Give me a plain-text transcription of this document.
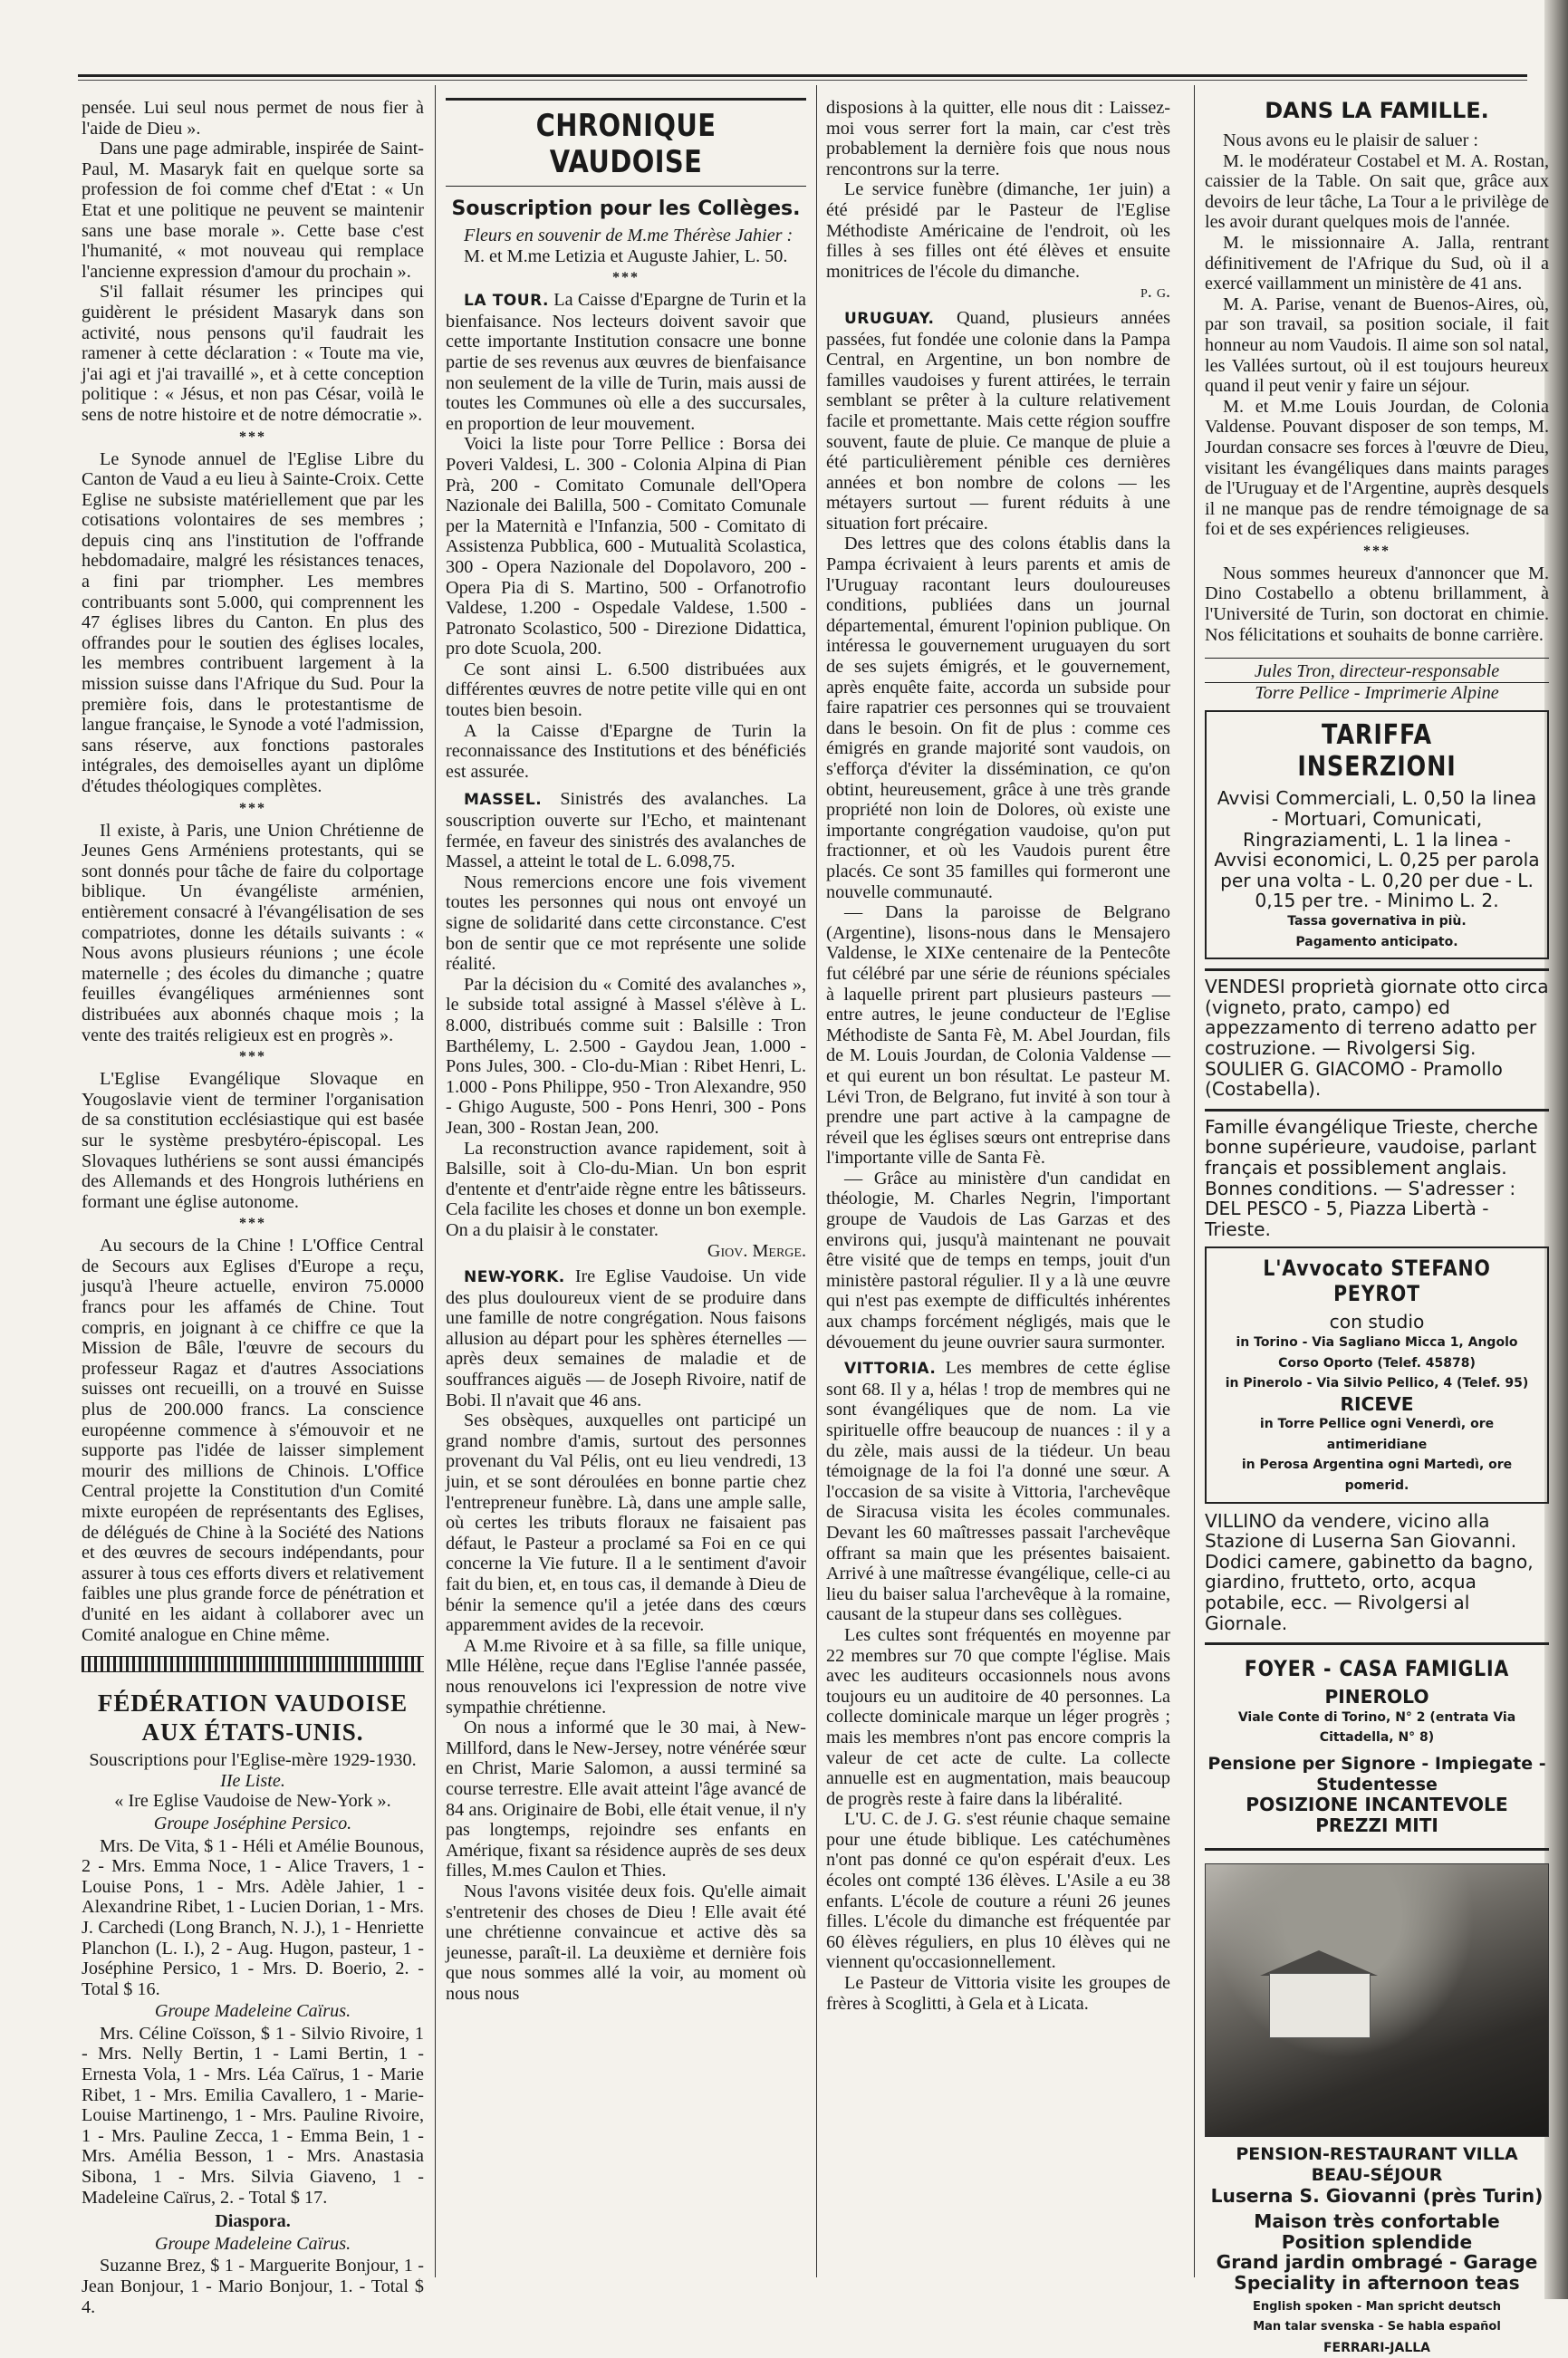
pensée. Lui seul nous permet de nous fier à l'aide de Dieu ».

Dans une page admirable, inspirée de Saint-Paul, M. Masaryk fait en quelque sorte sa profession de foi comme chef d'Etat : « Un Etat et une politique ne peuvent se maintenir sans une base morale ». Cette base c'est l'humanité, « mot nouveau qui remplace l'ancienne expression d'amour du prochain ».

S'il fallait résumer les principes qui guidèrent le président Masaryk dans son activité, nous pensons qu'il faudrait les ramener à cette déclaration : « Toute ma vie, j'ai agi et j'ai travaillé », et à cette conception politique : « Jésus, et non pas César, voilà le sens de notre histoire et de notre démocratie ».

***

Le Synode annuel de l'Eglise Libre du Canton de Vaud a eu lieu à Sainte-Croix. Cette Eglise ne subsiste matériellement que par les cotisations volontaires de ses membres ; depuis cinq ans l'institution de l'offrande hebdomadaire, malgré les résistances tenaces, a fini par triompher. Les membres contribuants sont 5.000, qui comprennent les 47 églises libres du Canton. En plus des offrandes pour le soutien des églises locales, les membres contribuent largement à la mission suisse dans l'Afrique du Sud. Pour la première fois, dans le protestantisme de langue française, le Synode a voté l'admission, sans réserve, aux fonctions pastorales intégrales, des demoiselles ayant un diplôme d'études théologiques complètes.

***

Il existe, à Paris, une Union Chrétienne de Jeunes Gens Arméniens protestants, qui se sont donnés pour tâche de faire du colportage biblique. Un évangéliste arménien, entièrement consacré à l'évangélisation de ses compatriotes, donne les détails suivants : « Nous avons plusieurs réunions ; une école maternelle ; des écoles du dimanche ; quatre feuilles évangéliques arméniennes sont distribuées aux abonnés chaque mois ; la vente des traités religieux est en progrès ».

***

L'Eglise Evangélique Slovaque en Yougoslavie vient de terminer l'organisation de sa constitution ecclésiastique qui est basée sur le système presbytéro-épiscopal. Les Slovaques luthériens se sont aussi émancipés des Allemands et des Hongrois luthériens en formant une église autonome.

***

Au secours de la Chine ! L'Office Central de Secours aux Eglises d'Europe a reçu, jusqu'à l'heure actuelle, environ 75.0000 francs pour les affamés de Chine. Tout compris, en joignant à ce chiffre ce que la Mission de Bâle, l'œuvre de secours du professeur Ragaz et d'autres Associations suisses ont recueilli, on a trouvé en Suisse plus de 200.000 francs. La conscience européenne commence à s'émouvoir et ne supporte pas l'idée de laisser simplement mourir des millions de Chinois. L'Office Central projette la Constitution d'un Comité mixte européen de représentants des Eglises, de délégués de Chine à la Société des Nations et des œuvres de secours indépendants, pour assurer à tous ces efforts divers et relativement faibles une plus grande force de pénétration et d'unité en les aidant à collaborer avec un Comité analogue en Chine même.

FÉDÉRATION VAUDOISE
AUX ÉTATS-UNIS.

Souscriptions pour l'Eglise-mère 1929-1930.

IIe Liste.

« Ire Eglise Vaudoise de New-York ».

Groupe Joséphine Persico.

Mrs. De Vita, $ 1 - Héli et Amélie Bounous, 2 - Mrs. Emma Noce, 1 - Alice Travers, 1 - Louise Pons, 1 - Mrs. Adèle Jahier, 1 - Alexandrine Ribet, 1 - Lucien Dorian, 1 - Mrs. J. Carchedi (Long Branch, N. J.), 1 - Henriette Planchon (L. I.), 2 - Aug. Hugon, pasteur, 1 - Joséphine Persico, 1 - Mrs. D. Boerio, 2. - Total $ 16.

Groupe Madeleine Caïrus.

Mrs. Céline Coïsson, $ 1 - Silvio Rivoire, 1 - Mrs. Nelly Bertin, 1 - Lami Bertin, 1 - Ernesta Vola, 1 - Mrs. Léa Caïrus, 1 - Marie Ribet, 1 - Mrs. Emilia Cavallero, 1 - Marie-Louise Martinengo, 1 - Mrs. Pauline Rivoire, 1 - Mrs. Pauline Zecca, 1 - Emma Bein, 1 - Mrs. Amélia Besson, 1 - Mrs. Anastasia Sibona, 1 - Mrs. Silvia Giaveno, 1 - Madeleine Caïrus, 2. - Total $ 17.

Diaspora.

Groupe Madeleine Caïrus.

Suzanne Brez, $ 1 - Marguerite Bonjour, 1 - Jean Bonjour, 1 - Mario Bonjour, 1. - Total $ 4.

CHRONIQUE VAUDOISE
Souscription pour les Collèges.

Fleurs en souvenir de M.me Thérèse Jahier :

M. et M.me Letizia et Auguste Jahier, L. 50.

***

LA TOUR. La Caisse d'Epargne de Turin et la bienfaisance. Nos lecteurs doivent savoir que cette importante Institution consacre une bonne partie de ses revenus aux œuvres de bienfaisance non seulement de la ville de Turin, mais aussi de toutes les Communes où elle a des succursales, en proportion de leur mouvement.

Voici la liste pour Torre Pellice : Borsa dei Poveri Valdesi, L. 300 - Colonia Alpina di Pian Prà, 200 - Comitato Comunale dell'Opera Nazionale dei Balilla, 500 - Comitato Comunale per la Maternità e l'Infanzia, 500 - Comitato di Assistenza Pubblica, 600 - Mutualità Scolastica, 300 - Opera Nazionale del Dopolavoro, 200 - Opera Pia di S. Martino, 500 - Orfanotrofio Valdese, 1.200 - Ospedale Valdese, 1.500 - Patronato Scolastico, 500 - Direzione Didattica, pro dote Scuola, 200.

Ce sont ainsi L. 6.500 distribuées aux différentes œuvres de notre petite ville qui en ont toutes bien besoin.

A la Caisse d'Epargne de Turin la reconnaissance des Institutions et des bénéficiés est assurée.

MASSEL. Sinistrés des avalanches. La souscription ouverte sur l'Echo, et maintenant fermée, en faveur des sinistrés des avalanches de Massel, a atteint le total de L. 6.098,75.

Nous remercions encore une fois vivement toutes les personnes qui nous ont envoyé un signe de solidarité dans cette circonstance. C'est bon de sentir que ce mot représente une solide réalité.

Par la décision du « Comité des avalanches », le subside total assigné à Massel s'élève à L. 8.000, distribués comme suit : Balsille : Tron Barthélemy, L. 2.500 - Gaydou Jean, 1.000 - Pons Jules, 300. - Clo-du-Mian : Ribet Henri, L. 1.000 - Pons Philippe, 950 - Tron Alexandre, 950 - Ghigo Auguste, 500 - Pons Henri, 300 - Pons Jean, 300 - Rostan Jean, 200.

La reconstruction avance rapidement, soit à Balsille, soit à Clo-du-Mian. Un bon esprit d'entente et d'entr'aide règne entre les bâtisseurs. Cela facilite les choses et donne un bon exemple. On a du plaisir à le constater.

Giov. Merge.

NEW-YORK. Ire Eglise Vaudoise. Un vide des plus douloureux vient de se produire dans une famille de notre congrégation. Nous faisons allusion au départ pour les sphères éternelles — après deux semaines de maladie et de souffrances aiguës — de Joseph Rivoire, natif de Bobi. Il n'avait que 46 ans.

Ses obsèques, auxquelles ont participé un grand nombre d'amis, surtout des personnes provenant du Val Pélis, ont eu lieu vendredi, 13 juin, et se sont déroulées en bonne partie chez l'entrepreneur funèbre. Là, dans une ample salle, où certes les tributs floraux ne faisaient pas défaut, le Pasteur a proclamé sa Foi en ce qui concerne la Vie future. Il a le sentiment d'avoir fait du bien, et, en tous cas, il demande à Dieu de bénir la semence qu'il a jetée dans des cœurs apparemment avides de la recevoir.

A M.me Rivoire et à sa fille, sa fille unique, Mlle Hélène, reçue dans l'Eglise l'année passée, nous renouvelons ici l'expression de notre vive sympathie chrétienne.

On nous a informé que le 30 mai, à New-Millford, dans le New-Jersey, notre vénérée sœur en Christ, Marie Salomon, a aussi terminé sa course terrestre. Elle avait atteint l'âge avancé de 84 ans. Originaire de Bobi, elle était venue, il n'y pas longtemps, rejoindre ses enfants en Amérique, fixant sa résidence auprès de ses deux filles, M.mes Caulon et Thies.

Nous l'avons visitée deux fois. Qu'elle aimait s'entretenir des choses de Dieu ! Elle avait été une chrétienne convaincue et active dès sa jeunesse, paraît-il. La deuxième et dernière fois que nous sommes allé la voir, au moment où nous nous

disposions à la quitter, elle nous dit : Laissez-moi vous serrer fort la main, car c'est très probablement la dernière fois que nous nous rencontrons sur la terre.

Le service funèbre (dimanche, 1er juin) a été présidé par le Pasteur de l'Eglise Méthodiste Américaine de l'endroit, où les filles à ses filles ont été élèves et ensuite monitrices de l'école du dimanche.

p. g.

URUGUAY. Quand, plusieurs années passées, fut fondée une colonie dans la Pampa Central, en Argentine, un bon nombre de familles vaudoises y furent attirées, le terrain semblant se prêter à la culture relativement facile et promettante. Mais cette région souffre souvent, faute de pluie. Ce manque de pluie a été particulièrement pénible ces dernières années et bon nombre de colons — les métayers surtout — furent réduits à une situation fort précaire.

Des lettres que des colons établis dans la Pampa écrivaient à leurs parents et amis de l'Uruguay racontant leurs douloureuses conditions, publiées dans un journal départemental, émurent l'opinion publique. On intéressa le gouvernement uruguayen du sort de ses sujets émigrés, et le gouvernement, après enquête faite, accorda un subside pour faire rapatrier ces personnes qui se trouvaient dans le besoin. On fit de plus : comme ces émigrés en grande majorité sont vaudois, on s'efforça d'éviter la dissémination, ce qu'on obtint, heureusement, grâce à une très grande propriété non loin de Dolores, où existe une importante congrégation vaudoise, qu'on put fractionner, et où les Vaudois purent être placés. Ce sont 35 familles qui formeront une nouvelle communauté.

— Dans la paroisse de Belgrano (Argentine), lisons-nous dans le Mensajero Valdense, le XIXe centenaire de la Pentecôte fut célébré par une série de réunions spéciales à laquelle prirent part plusieurs pasteurs — entre autres, le jeune conducteur de l'Eglise Méthodiste de Santa Fè, M. Abel Jourdan, fils de M. Louis Jourdan, de Colonia Valdense — et qui eurent un bon résultat. Le pasteur M. Lévi Tron, de Belgrano, fut invité à son tour à prendre une part active à la campagne de réveil que les églises sœurs ont entreprise dans l'importante ville de Santa Fè.

— Grâce au ministère d'un candidat en théologie, M. Charles Negrin, l'important groupe de Vaudois de Las Garzas et des environs qui, jusqu'à maintenant ne pouvait être visité que de temps en temps, jouit d'un ministère pastoral régulier. Il y a là une œuvre qui n'est pas exempte de difficultés inhérentes aux champs forcément négligés, mais que le dévouement du jeune ouvrier saura surmonter.

VITTORIA. Les membres de cette église sont 68. Il y a, hélas ! trop de membres qui ne sont évangéliques que de nom. La vie spirituelle offre beaucoup de nuances : il y a du zèle, mais aussi de la tiédeur. Un beau témoignage de la foi l'a donné une sœur. A l'occasion de sa visite à Vittoria, l'archevêque de Siracusa visita les écoles communales. Devant les 60 maîtresses passait l'archevêque offrant sa main que les présentes baisaient. Arrivé à une maîtresse évangélique, celle-ci au lieu du baiser salua l'archevêque à la romaine, causant de la stupeur dans ses collègues.

Les cultes sont fréquentés en moyenne par 22 membres sur 70 que compte l'église. Mais avec les auditeurs occasionnels nous avons toujours eu un auditoire de 40 personnes. La collecte dominicale marque un léger progrès ; mais les membres n'ont pas encore compris la valeur de cet acte de culte. La collecte annuelle est en augmentation, mais beaucoup de progrès reste à faire dans la libéralité.

L'U. C. de J. G. s'est réunie chaque semaine pour une étude biblique. Les catéchumènes n'ont pas donné ce qu'on espérait d'eux. Les écoles ont compté 136 élèves. L'Asile a eu 38 enfants. L'école de couture a réuni 26 jeunes filles. L'école du dimanche est fréquentée par 60 élèves réguliers, en plus 10 élèves qui ne viennent qu'occasionnellement.

Le Pasteur de Vittoria visite les groupes de frères à Scoglitti, à Gela et à Licata.

DANS LA FAMILLE.

Nous avons eu le plaisir de saluer :

M. le modérateur Costabel et M. A. Rostan, caissier de la Table. On sait que, grâce aux devoirs de leur tâche, La Tour a le privilège de les avoir durant quelques mois de l'année.

M. le missionnaire A. Jalla, rentrant définitivement de l'Afrique du Sud, où il a exercé vaillamment un ministère de 41 ans.

M. A. Parise, venant de Buenos-Aires, où, par son travail, sa position sociale, il fait honneur au nom Vaudois. Il aime son sol natal, les Vallées surtout, où il est toujours heureux quand il peut venir y faire un séjour.

M. et M.me Louis Jourdan, de Colonia Valdense. Pouvant disposer de son temps, M. Jourdan consacre ses forces à l'œuvre de Dieu, visitant les évangéliques dans maints parages de l'Uruguay et de l'Argentine, auprès desquels il ne manque pas de rendre témoignage de sa foi et de ses expériences religieuses.

***

Nous sommes heureux d'annoncer que M. Dino Costabello a obtenu brillamment, à l'Université de Turin, son doctorat en chimie. Nos félicitations et souhaits de bonne carrière.

Jules Tron, directeur-responsable

Torre Pellice - Imprimerie Alpine

TARIFFA INSERZIONI

Avvisi Commerciali, L. 0,50 la linea - Mortuari, Comunicati, Ringraziamenti, L. 1 la linea - Avvisi economici, L. 0,25 per parola per una volta - L. 0,20 per due - L. 0,15 per tre. - Minimo L. 2.

Tassa governativa in più.

Pagamento anticipato.

VENDESI proprietà giornate otto circa (vigneto, prato, campo) ed appezzamento di terreno adatto per costruzione. — Rivolgersi Sig. SOULIER G. GIACOMO - Pramollo (Costabella).

Famille évangélique Trieste, cherche bonne supérieure, vaudoise, parlant français et possiblement anglais. Bonnes conditions. — S'adresser : DEL PESCO - 5, Piazza Libertà - Trieste.

L'Avvocato STEFANO PEYROT

con studio

in Torino - Via Sagliano Micca 1, Angolo Corso Oporto (Telef. 45878)

in Pinerolo - Via Silvio Pellico, 4 (Telef. 95)

RICEVE

in Torre Pellice ogni Venerdì, ore antimeridiane

in Perosa Argentina ogni Martedì, ore pomerid.

VILLINO da vendere, vicino alla Stazione di Luserna San Giovanni. Dodici camere, gabinetto da bagno, giardino, frutteto, orto, acqua potabile, ecc. — Rivolgersi al Giornale.

FOYER - CASA FAMIGLIA

PINEROLO

Viale Conte di Torino, N° 2 (entrata Via Cittadella, N° 8)

Pensione per Signore - Impiegate - Studentesse

POSIZIONE INCANTEVOLE

PREZZI MITI

PENSION-RESTAURANT VILLA BEAU-SÉJOUR

Luserna S. Giovanni (près Turin)

Maison très confortable

Position splendide

Grand jardin ombragé - Garage

Speciality in afternoon teas

English spoken - Man spricht deutsch

Man talar svenska - Se habla español

FERRARI-JALLA
